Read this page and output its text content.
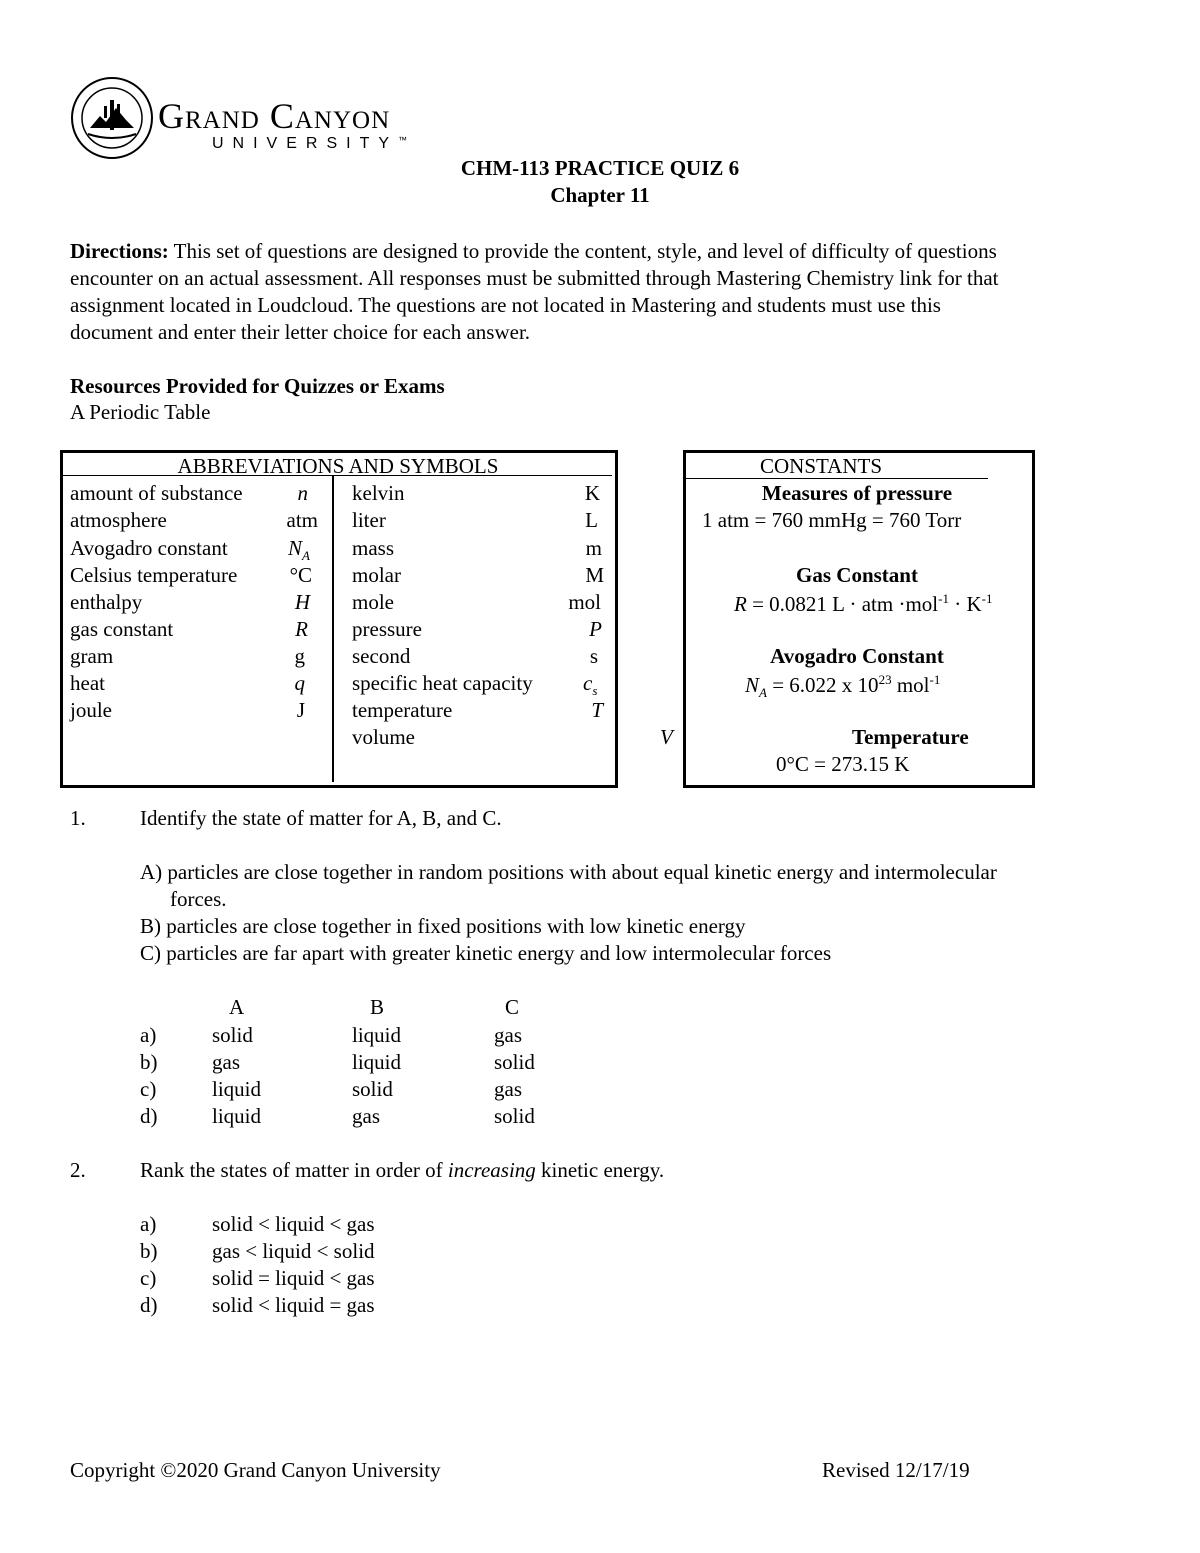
Grand Canyon
UNIVERSITY™
CHM-113 PRACTICE QUIZ 6
Chapter 11
Directions: This set of questions are designed to provide the content, style, and level of difficulty of questions
encounter on an actual assessment. All responses must be submitted through Mastering Chemistry link for that
assignment located in Loudcloud. The questions are not located in Mastering and students must use this
document and enter their letter choice for each answer.
Resources Provided for Quizzes or Exams
A Periodic Table
ABBREVIATIONS AND SYMBOLS
amount of substance	n
atmosphere	atm
Avogadro constant	$N_A$
Celsius temperature	°C
enthalpy	H
gas constant	R
gram	g
heat	q
joule	J
kelvin	K
liter	L
mass	m
molar	M
mole	mol
pressure	P
second	s
specific heat capacity $c_s$
temperature	T
volume	V
CONSTANTS
Measures of pressure
1 atm = 760 mmHg = 760 Torr
Gas Constant
R = 0.0821 L · atm $\cdot mol^{-1} \cdot K^{-1}$
Avogadro Constant
$N_A = 6.022$ x $10^{23}$ mol$^{-1}$
Temperature
0°C = 273.15 K
1.	Identify the state of matter for A, B, and C.
A) particles are close together in random positions with about equal kinetic energy and intermolecular
forces.
B) particles are close together in fixed positions with low kinetic energy
C) particles are far apart with greater kinetic energy and low intermolecular forces
A	B	C
a)	solid	liquid	gas
b)	gas	liquid	solid
c)	liquid	solid	gas
d)	liquid	gas	solid
2.	Rank the states of matter in order of increasing kinetic energy.
a)	solid < liquid < gas
b)	gas < liquid < solid
c)	solid = liquid < gas
d)	solid < liquid = gas
Copyright ©2020 Grand Canyon University	Revised 12/17/19
